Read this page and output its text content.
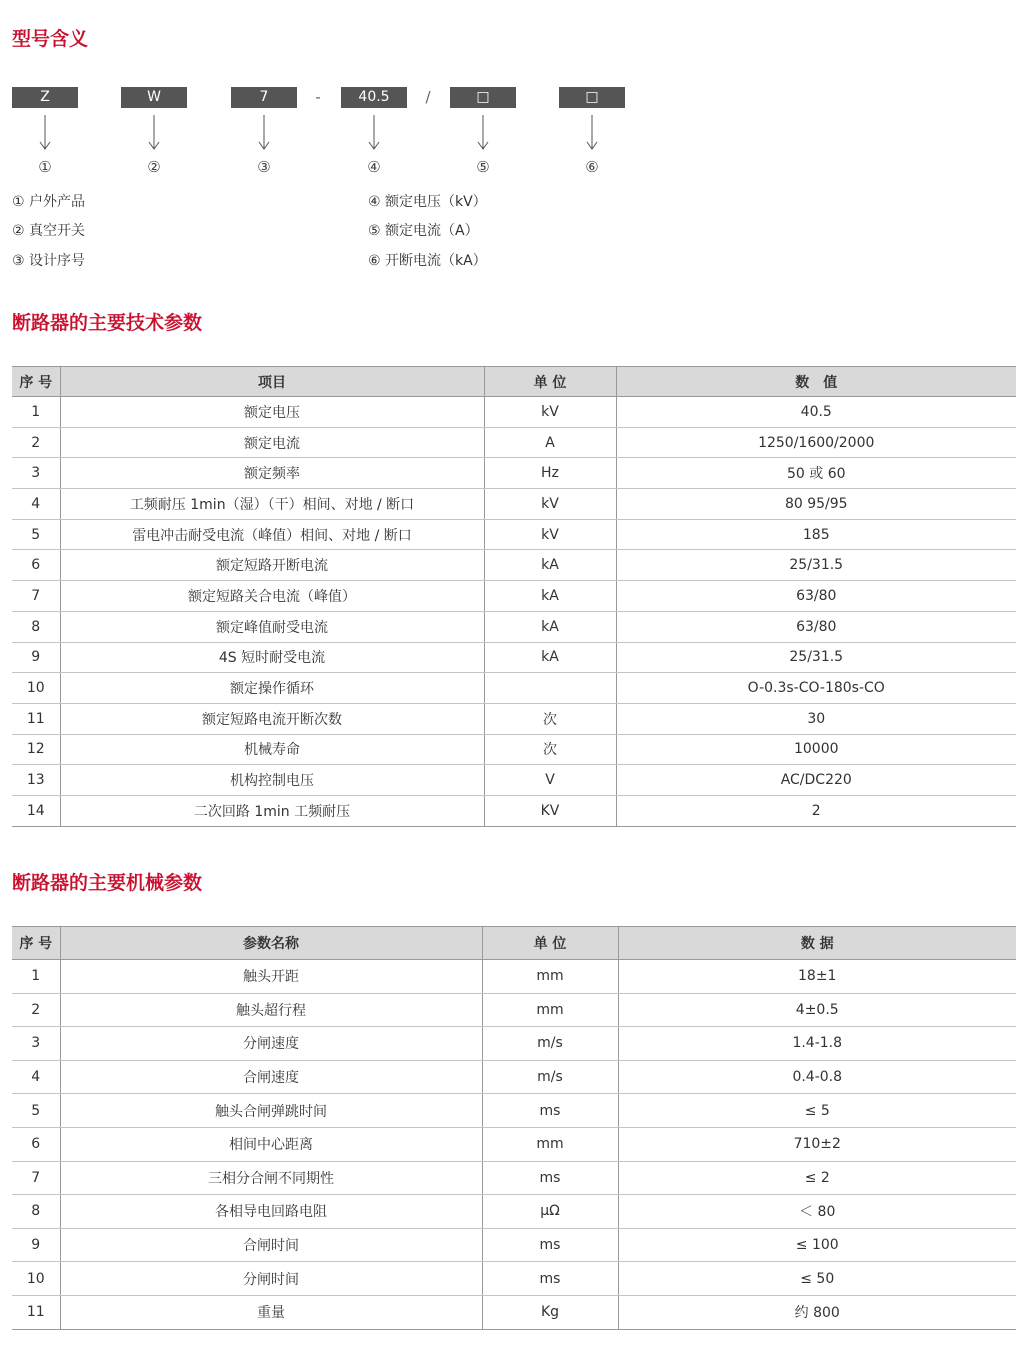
型号含义
Z	W	7	-	40.5	/	□	□
①	②	③	④	⑤	⑥
① 户外产品
② 真空开关
③ 设计序号
④ 额定电压（kV）
⑤ 额定电流（A）
⑥ 开断电流（kA）
断路器的主要技术参数
序 号	项目	单 位	数　值
1	额定电压	kV	40.5
2	额定电流	A	1250/1600/2000
3	额定频率	Hz	50 或 60
4	工频耐压 1min（湿）（干）相间、对地 / 断口	kV	80 95/95
5	雷电冲击耐受电流（峰值）相间、对地 / 断口	kV	185
6	额定短路开断电流	kA	25/31.5
7	额定短路关合电流（峰值）	kA	63/80
8	额定峰值耐受电流	kA	63/80
9	4S 短时耐受电流	kA	25/31.5
10	额定操作循环		O-0.3s-CO-180s-CO
11	额定短路电流开断次数	次	30
12	机械寿命	次	10000
13	机构控制电压	V	AC/DC220
14	二次回路 1min 工频耐压	KV	2
断路器的主要机械参数
序 号	参数名称	单 位	数 据
1	触头开距	mm	18±1
2	触头超行程	mm	4±0.5
3	分闸速度	m/s	1.4-1.8
4	合闸速度	m/s	0.4-0.8
5	触头合闸弹跳时间	ms	≤ 5
6	相间中心距离	mm	710±2
7	三相分合闸不同期性	ms	≤ 2
8	各相导电回路电阻	μΩ	＜ 80
9	合闸时间	ms	≤ 100
10	分闸时间	ms	≤ 50
11	重量	Kg	约 800
